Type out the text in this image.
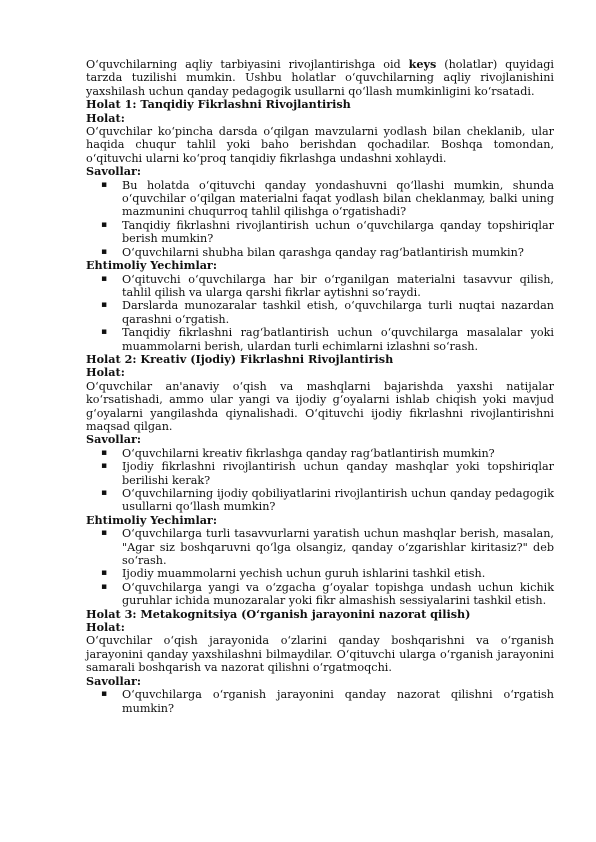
O‘quvchilarning aqliy tarbiyasini rivojlantirishga oid keys (holatlar) quyidagi tarzda tuzilishi mumkin. Ushbu holatlar o‘quvchilarning aqliy rivojlanishini yaxshilash uchun qanday pedagogik usullarni qo‘llash mumkinligini ko‘rsatadi.

Holat 1: Tanqidiy Fikrlashni Rivojlantirish
Holat:

O‘quvchilar ko‘pincha darsda o‘qilgan mavzularni yodlash bilan cheklanib, ular haqida chuqur tahlil yoki baho berishdan qochadilar. Boshqa tomondan, o‘qituvchi ularni ko‘proq tanqidiy fikrlashga undashni xohlaydi.

Savollar:
▪ Bu holatda o‘qituvchi qanday yondashuvni qo‘llashi mumkin, shunda o‘quvchilar o‘qilgan materialni faqat yodlash bilan cheklanmay, balki uning mazmunini chuqurroq tahlil qilishga o‘rgatishadi?
▪ Tanqidiy fikrlashni rivojlantirish uchun o‘quvchilarga qanday topshiriqlar berish mumkin?
▪ O‘quvchilarni shubha bilan qarashga qanday rag‘batlantirish mumkin?
Ehtimoliy Yechimlar:
▪ O‘qituvchi o‘quvchilarga har bir o‘rganilgan materialni tasavvur qilish, tahlil qilish va ularga qarshi fikrlar aytishni so‘raydi.
▪ Darslarda munozaralar tashkil etish, o‘quvchilarga turli nuqtai nazardan qarashni o‘rgatish.
▪ Tanqidiy fikrlashni rag‘batlantirish uchun o‘quvchilarga masalalar yoki muammolarni berish, ulardan turli echimlarni izlashni so‘rash.
Holat 2: Kreativ (Ijodiy) Fikrlashni Rivojlantirish
Holat:

O‘quvchilar an'anaviy o‘qish va mashqlarni bajarishda yaxshi natijalar ko‘rsatishadi, ammo ular yangi va ijodiy g‘oyalarni ishlab chiqish yoki mavjud g‘oyalarni yangilashda qiynalishadi. O‘qituvchi ijodiy fikrlashni rivojlantirishni maqsad qilgan.

Savollar:
▪ O‘quvchilarni kreativ fikrlashga qanday rag‘batlantirish mumkin?
▪ Ijodiy fikrlashni rivojlantirish uchun qanday mashqlar yoki topshiriqlar berilishi kerak?
▪ O‘quvchilarning ijodiy qobiliyatlarini rivojlantirish uchun qanday pedagogik usullarni qo‘llash mumkin?
Ehtimoliy Yechimlar:
▪ O‘quvchilarga turli tasavvurlarni yaratish uchun mashqlar berish, masalan, "Agar siz boshqaruvni qo‘lga olsangiz, qanday o‘zgarishlar kiritasiz?" deb so‘rash.
▪ Ijodiy muammolarni yechish uchun guruh ishlarini tashkil etish.
▪ O‘quvchilarga yangi va o‘zgacha g‘oyalar topishga undash uchun kichik guruhlar ichida munozaralar yoki fikr almashish sessiyalarini tashkil etish.
Holat 3: Metakognitsiya (O‘rganish jarayonini nazorat qilish)
Holat:

O‘quvchilar o‘qish jarayonida o‘zlarini qanday boshqarishni va o‘rganish jarayonini qanday yaxshilashni bilmaydilar. O‘qituvchi ularga o‘rganish jarayonini samarali boshqarish va nazorat qilishni o‘rgatmoqchi.

Savollar:
▪ O‘quvchilarga o‘rganish jarayonini qanday nazorat qilishni o‘rgatish mumkin?
